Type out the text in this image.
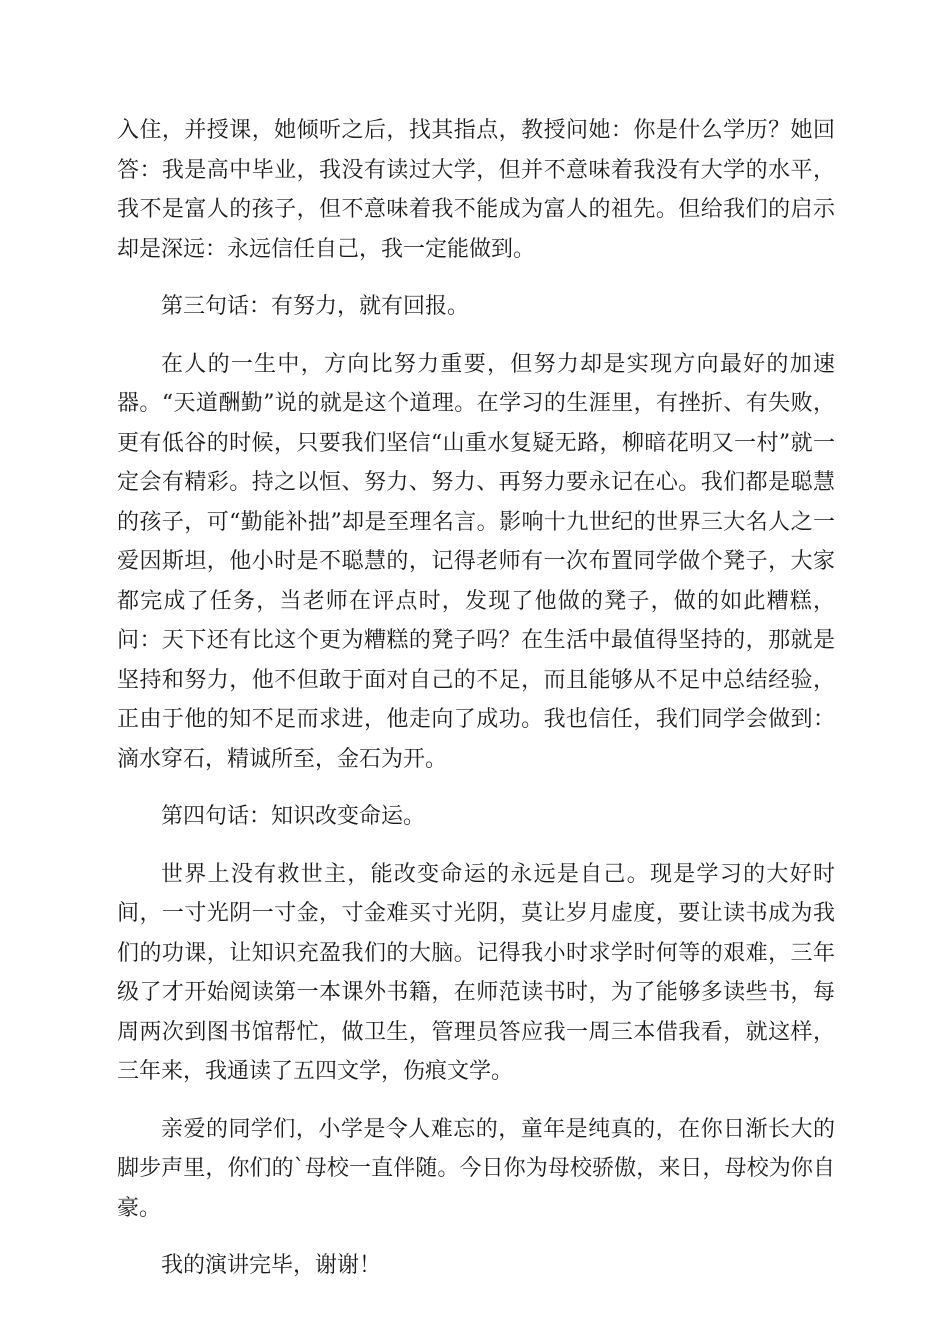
入住，并授课，她倾听之后，找其指点，教授问她：你是什么学历？她回答：我是高中毕业，我没有读过大学，但并不意味着我没有大学的水平，我不是富人的孩子，但不意味着我不能成为富人的祖先。但给我们的启示却是深远：永远信任自己，我一定能做到。

第三句话：有努力，就有回报。

在人的一生中，方向比努力重要，但努力却是实现方向最好的加速器。“天道酬勤”说的就是这个道理。在学习的生涯里，有挫折、有失败，更有低谷的时候，只要我们坚信“山重水复疑无路，柳暗花明又一村”就一定会有精彩。持之以恒、努力、努力、再努力要永记在心。我们都是聪慧的孩子，可“勤能补拙”却是至理名言。影响十九世纪的世界三大名人之一爱因斯坦，他小时是不聪慧的，记得老师有一次布置同学做个凳子，大家都完成了任务，当老师在评点时，发现了他做的凳子，做的如此糟糕，问：天下还有比这个更为糟糕的凳子吗？在生活中最值得坚持的，那就是坚持和努力，他不但敢于面对自己的不足，而且能够从不足中总结经验，正由于他的知不足而求进，他走向了成功。我也信任，我们同学会做到：滴水穿石，精诚所至，金石为开。

第四句话：知识改变命运。

世界上没有救世主，能改变命运的永远是自己。现是学习的大好时间，一寸光阴一寸金，寸金难买寸光阴，莫让岁月虚度，要让读书成为我们的功课，让知识充盈我们的大脑。记得我小时求学时何等的艰难，三年级了才开始阅读第一本课外书籍，在师范读书时，为了能够多读些书，每周两次到图书馆帮忙，做卫生，管理员答应我一周三本借我看，就这样，三年来，我通读了五四文学，伤痕文学。

亲爱的同学们，小学是令人难忘的，童年是纯真的，在你日渐长大的脚步声里，你们的`母校一直伴随。今日你为母校骄傲，来日，母校为你自豪。

我的演讲完毕，谢谢！
